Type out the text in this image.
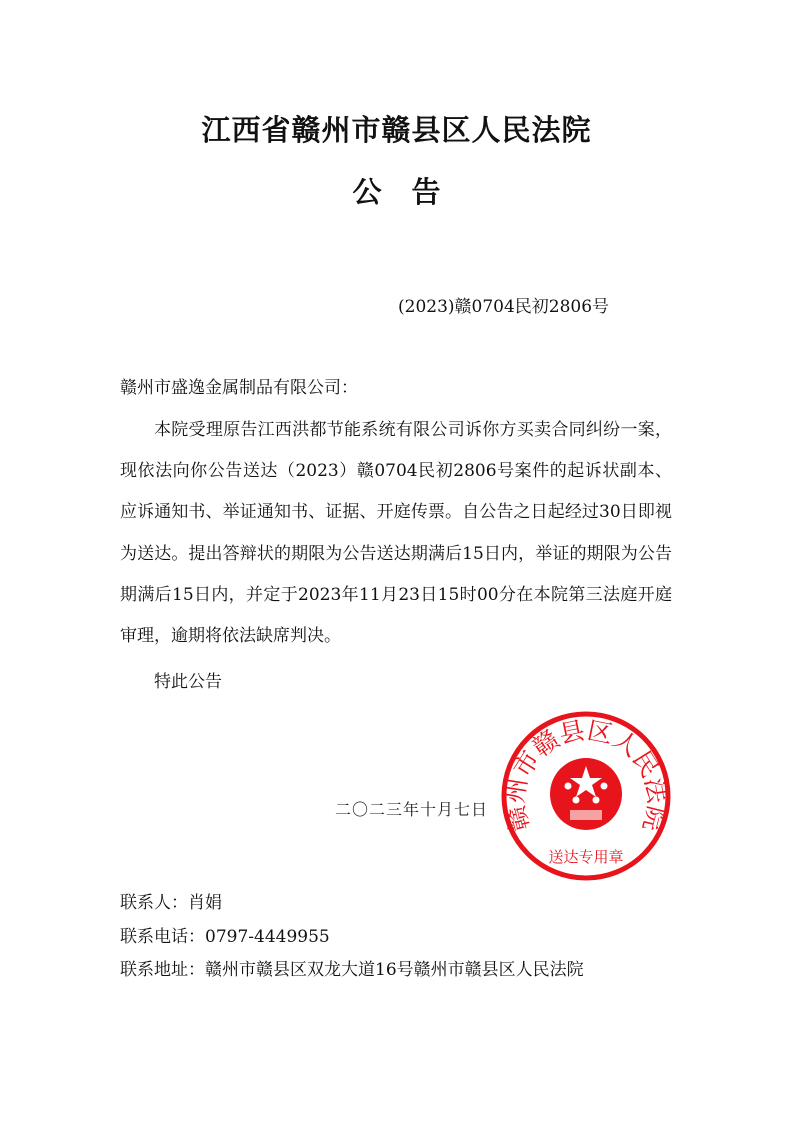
江西省赣州市赣县区人民法院
公告
(2023)赣0704民初2806号
赣州市盛逸金属制品有限公司：
本院受理原告江西洪都节能系统有限公司诉你方买卖合同纠纷一案，现依法向你公告送达（2023）赣0704民初2806号案件的起诉状副本、应诉通知书、举证通知书、证据、开庭传票。自公告之日起经过30日即视为送达。提出答辩状的期限为公告送达期满后15日内，举证的期限为公告期满后15日内，并定于2023年11月23日15时00分在本院第三法庭开庭审理，逾期将依法缺席判决。
特此公告
赣州市赣县区人民法院
送达专用章
二〇二三年十月七日
联系人：肖娟
联系电话：0797-4449955
联系地址：赣州市赣县区双龙大道16号赣州市赣县区人民法院
